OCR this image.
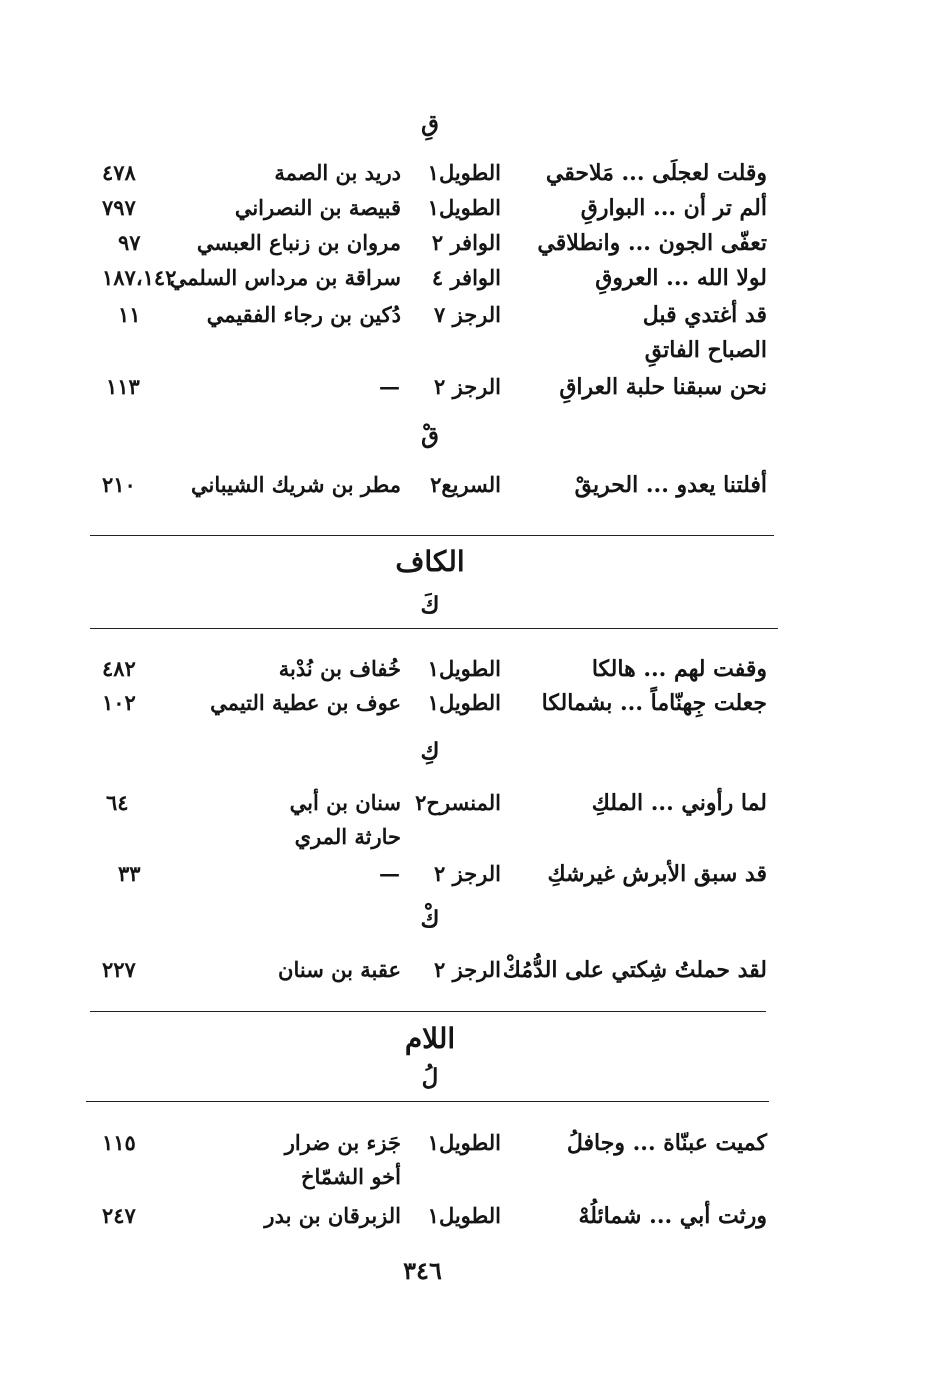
قِ
وقلت لعجلَى ... مَلاحقي
الطويل١
دريد بن الصمة
٤٧٨
ألم تر أن ... البوارقِ
الطويل١
قبيصة بن النصراني
٧٩٧
تعفّى الجون ... وانطلاقي
الوافر ٢
مروان بن زنباع العبسي
٩٧
لولا الله ... العروقِ
الوافر ٤
سراقة بن مرداس السلمي
١٨٧،١٤٢
قد أغتدي قبل
الصباح الفاتقِ
الرجز ٧
دُكين بن رجاء الفقيمي
١١
نحن سبقنا حلبة العراقِ
الرجز ٢
—
١١٣
قْ
أفلتنا يعدو ... الحريقْ
السريع٢
مطر بن شريك الشيباني
٢١٠
الكاف
كَ
وقفت لهم ... هالكا
الطويل١
خُفاف بن نُدْبة
٤٨٢
جعلت جِهنّاماً ... بشمالكا
الطويل١
عوف بن عطية التيمي
١٠٢
كِ
لما رأوني ... الملكِ
المنسرح٢
سنان بن أبي
حارثة المري
٦٤
قد سبق الأبرش غيرشكِ
الرجز ٢
—
٣٣
كْ
لقد حملتُ شِكتي على الدُّمُكْ
الرجز ٢
عقبة بن سنان
٢٢٧
اللام
لُ
كميت عبنّاة ... وجافلُ
الطويل١
جَزء بن ضرار
أخو الشمّاخ
١١٥
ورثت أبي ... شمائلُهْ
الطويل١
الزبرقان بن بدر
٢٤٧
٣٤٦
